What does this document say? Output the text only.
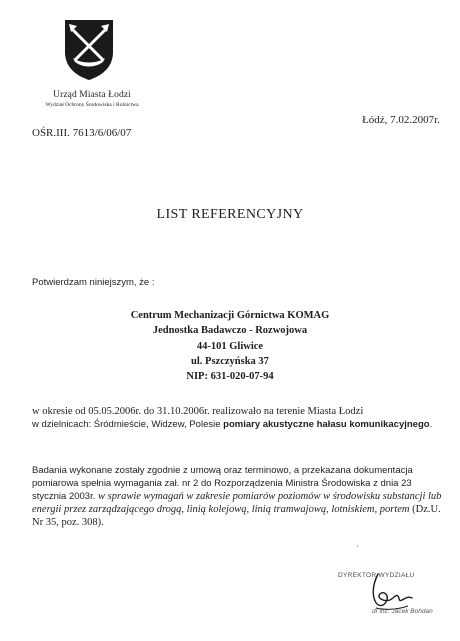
Urząd Miasta Łodzi
Wydział Ochrony Środowiska i Rolnictwa
Łódź, 7.02.2007r.
OŚR.III. 7613/6/06/07
LIST REFERENCYJNY
Potwierdzam niniejszym, że :
Centrum Mechanizacji Górnictwa KOMAG
Jednostka Badawczo - Rozwojowa
44-101 Gliwice
ul. Pszczyńska 37
NIP: 631-020-07-94
w okresie od 05.05.2006r. do 31.10.2006r. realizowało na terenie Miasta Łodzi
w dzielnicach: Śródmieście, Widzew, Polesie pomiary akustyczne hałasu komunikacyjnego.
Badania wykonane zostały zgodnie z umową oraz terminowo, a przekazana dokumentacja pomiarowa spełnia wymagania zał. nr 2 do Rozporządzenia Ministra Środowiska z dnia 23 stycznia 2003r. w sprawie wymagań w zakresie pomiarów poziomów w środowisku substancji lub energii przez zarządzającego drogą, linią kolejową, linią tramwajową, lotniskiem, portem (Dz.U. Nr 35, poz. 308).
·
DYREKTOR WYDZIAŁU
dr inż. Jacek Bohdan
